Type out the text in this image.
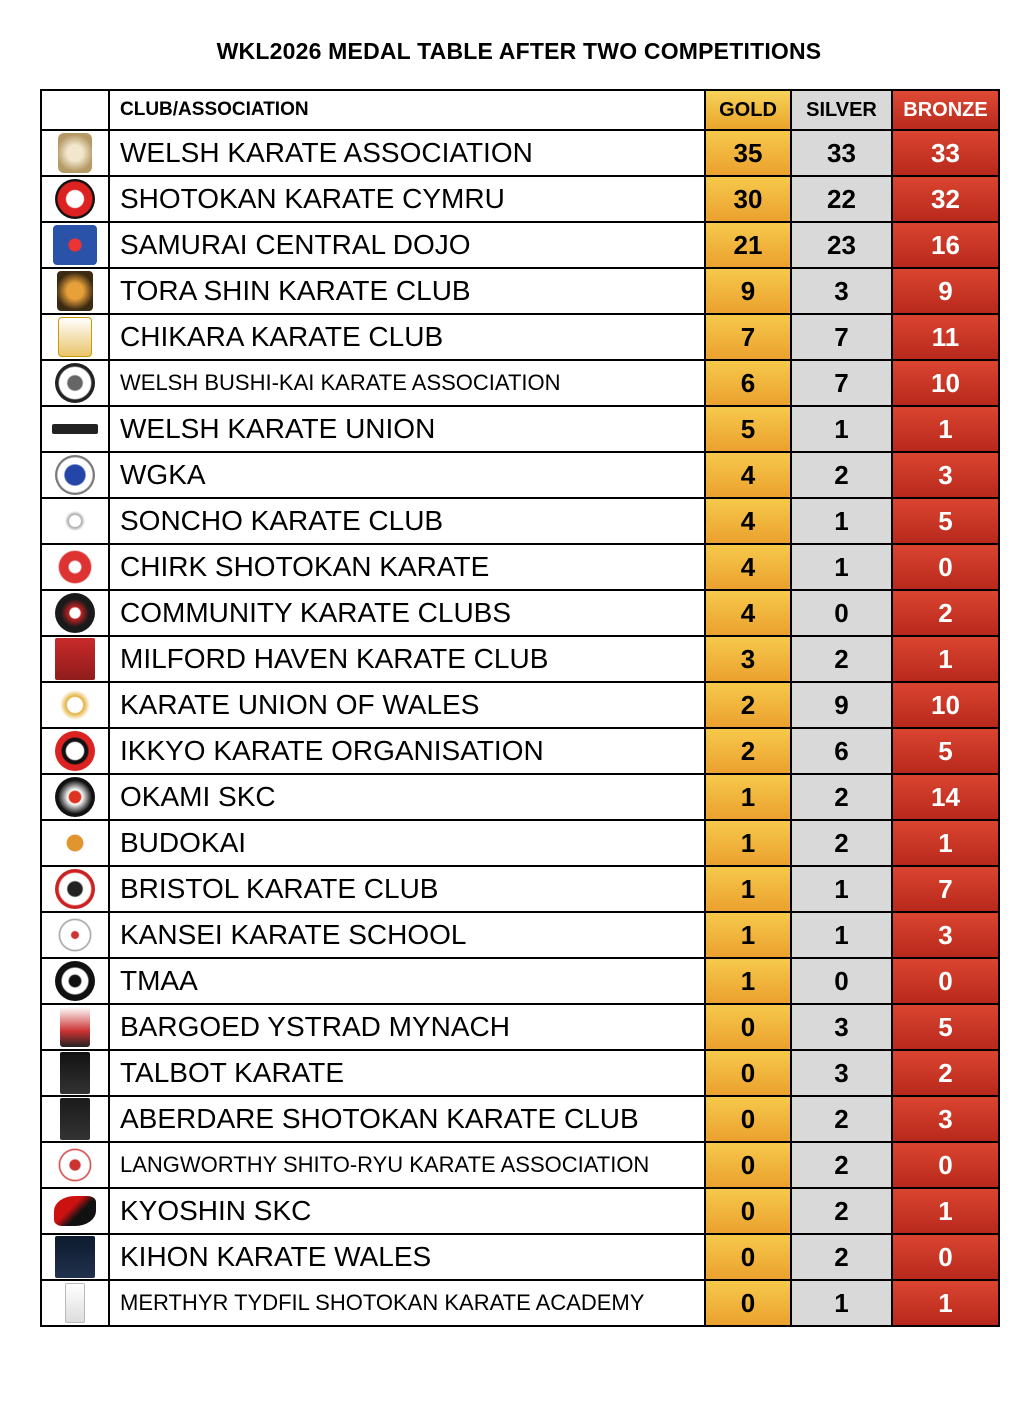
WKL2026 MEDAL TABLE AFTER TWO COMPETITIONS
	CLUB/ASSOCIATION	GOLD	SILVER	BRONZE
	WELSH KARATE ASSOCIATION	35	33	33
	SHOTOKAN KARATE CYMRU	30	22	32
	SAMURAI CENTRAL DOJO	21	23	16
	TORA SHIN KARATE CLUB	9	3	9
	CHIKARA KARATE CLUB	7	7	11
	WELSH BUSHI-KAI KARATE ASSOCIATION	6	7	10
	WELSH KARATE UNION	5	1	1
	WGKA	4	2	3
	SONCHO KARATE CLUB	4	1	5
	CHIRK SHOTOKAN KARATE	4	1	0
	COMMUNITY KARATE CLUBS	4	0	2
	MILFORD HAVEN KARATE CLUB	3	2	1
	KARATE UNION OF WALES	2	9	10
	IKKYO KARATE ORGANISATION	2	6	5
	OKAMI SKC	1	2	14
	BUDOKAI	1	2	1
	BRISTOL KARATE CLUB	1	1	7
	KANSEI KARATE SCHOOL	1	1	3
	TMAA	1	0	0
	BARGOED YSTRAD MYNACH	0	3	5
	TALBOT KARATE	0	3	2
	ABERDARE SHOTOKAN KARATE CLUB	0	2	3
	LANGWORTHY SHITO-RYU KARATE ASSOCIATION	0	2	0
	KYOSHIN SKC	0	2	1
	KIHON KARATE WALES	0	2	0
	MERTHYR TYDFIL SHOTOKAN KARATE ACADEMY	0	1	1
